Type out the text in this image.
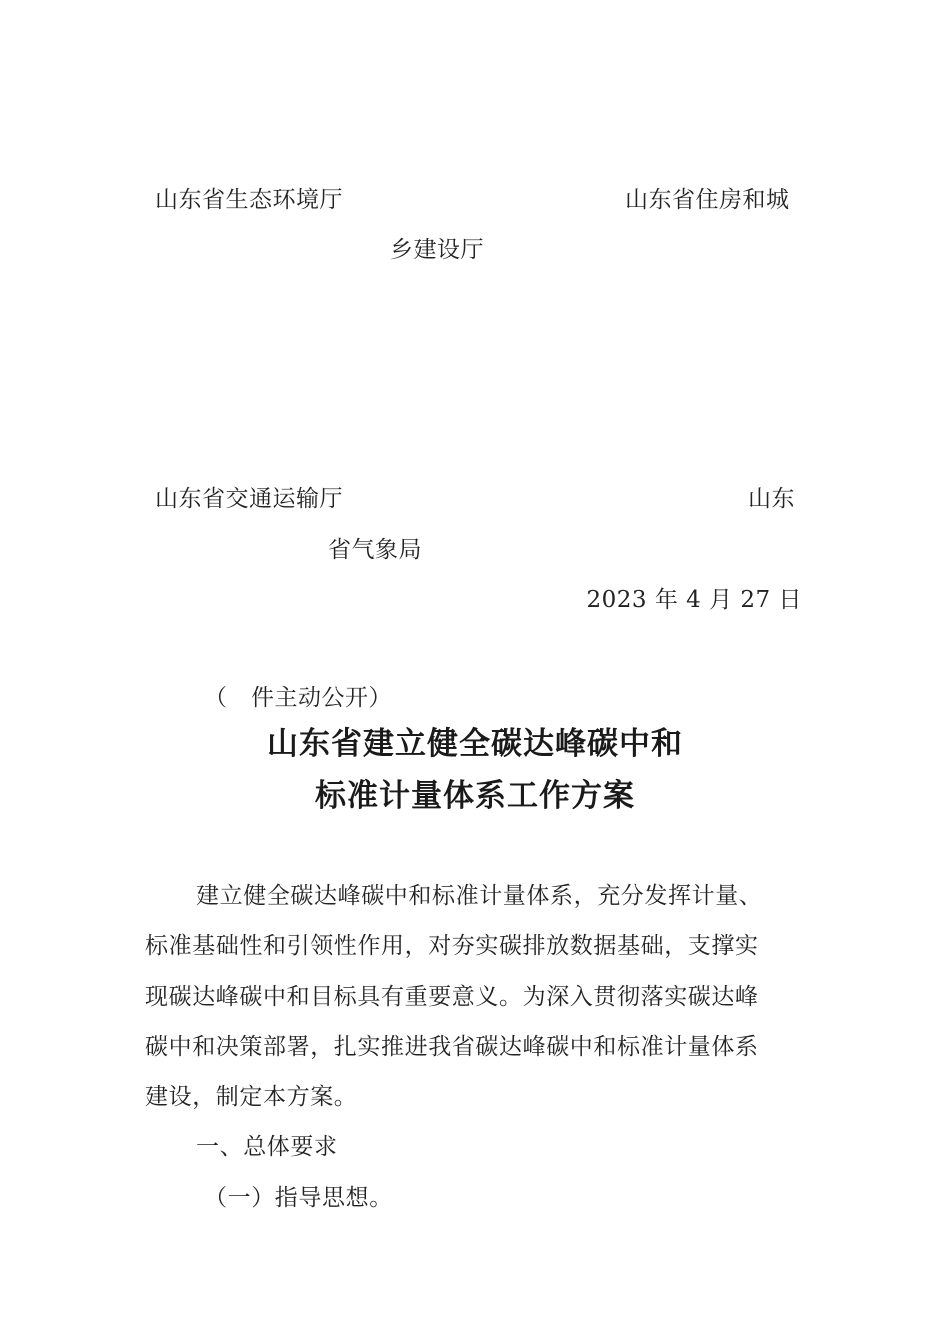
山东省生态环境厅	山东省住房和城
乡建设厅
山东省交通运输厅	山东
省气象局
2023 年 4 月 27 日
（　件主动公开）
山东省建立健全碳达峰碳中和
标准计量体系工作方案
建立健全碳达峰碳中和标准计量体系，充分发挥计量、
标准基础性和引领性作用，对夯实碳排放数据基础，支撑实
现碳达峰碳中和目标具有重要意义。为深入贯彻落实碳达峰
碳中和决策部署，扎实推进我省碳达峰碳中和标准计量体系
建设，制定本方案。
一、总体要求
（一）指导思想。
